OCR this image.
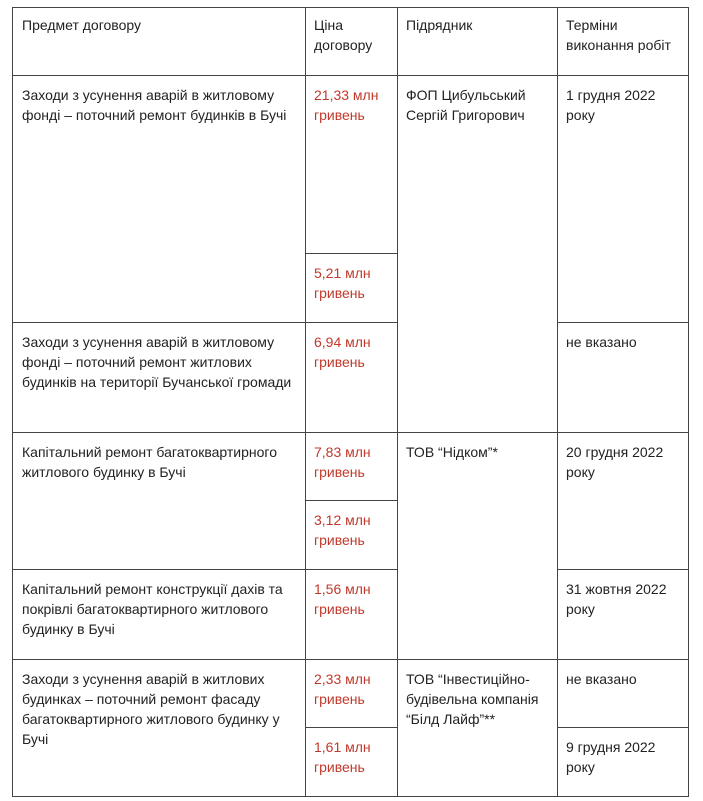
Предмет договору	Ціна договору
Підрядник	Терміни виконання робіт
Заходи з усунення аварій в житловому фонді – поточний ремонт будинків в Бучі
21,33 млн гривень
5,21 млн гривень
Заходи з усунення аварій в житловому фонді – поточний ремонт житлових будинків на території Бучанської громади
6,94 млн гривень
Капітальний ремонт багатоквартирного житлового будинку в Бучі
7,83 млн гривень
3,12 млн гривень
Капітальний ремонт конструкції дахів та покрівлі багатоквартирного житлового будинку в Бучі
1,56 млн гривень
Заходи з усунення аварій в житлових будинках – поточний ремонт фасаду багатоквартирного житлового будинку у Бучі
2,33 млн гривень
1,61 млн гривень
ФОП Цибульський Сергій Григорович
ТОВ “Нідком”*
ТОВ “Інвестиційно-будівельна компанія “Білд Лайф”**
1 грудня 2022 року
не вказано
20 грудня 2022 року
31 жовтня 2022 року
не вказано
9 грудня 2022 року
